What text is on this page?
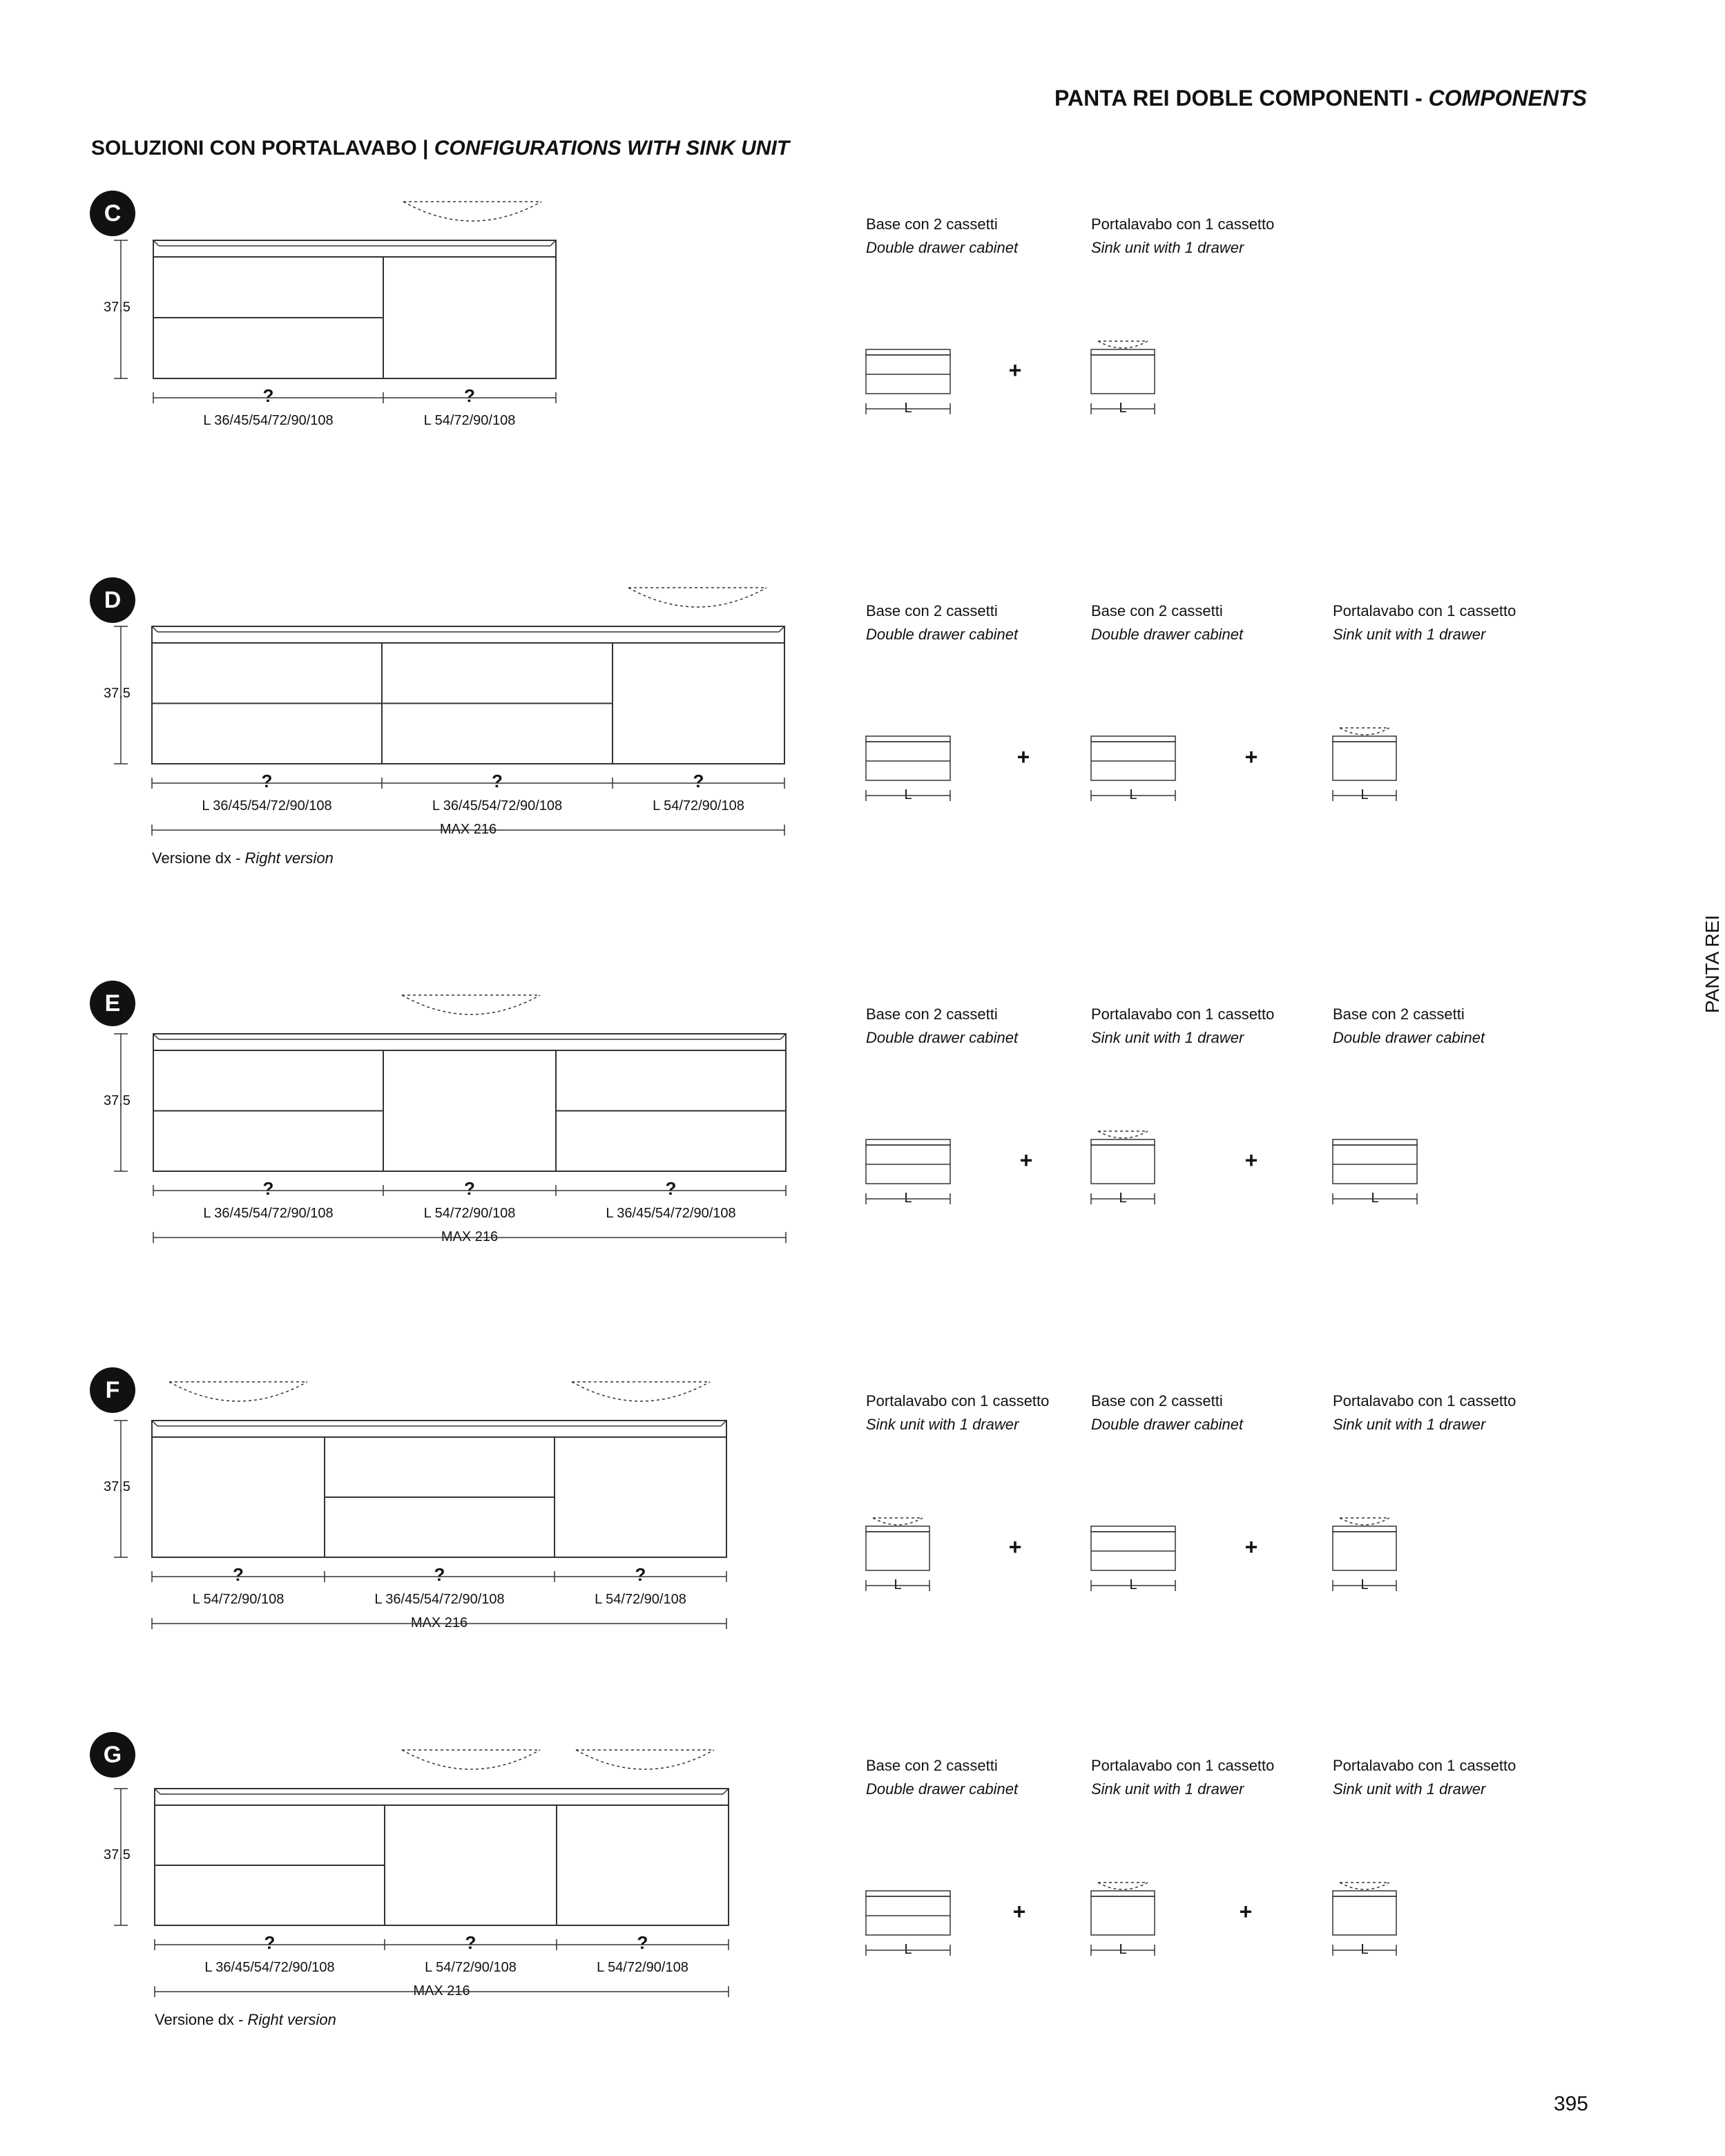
PANTA REI DOBLE COMPONENTI - COMPONENTS
SOLUZIONI CON PORTALAVABO | CONFIGURATIONS WITH SINK UNIT
PANTA REI
395
37,5
?
L 36/45/54/72/90/108
?
L 54/72/90/108
Base con 2 cassetti
Double drawer cabinet
L
Portalavabo con 1 cassetto
Sink unit with 1 drawer
L
+
37,5
?
L 36/45/54/72/90/108
?
L 36/45/54/72/90/108
?
L 54/72/90/108
MAX 216
Versione dx - Right version
Base con 2 cassetti
Double drawer cabinet
L
Base con 2 cassetti
Double drawer cabinet
L
Portalavabo con 1 cassetto
Sink unit with 1 drawer
L
+	+
37,5
?
L 36/45/54/72/90/108
?
L 54/72/90/108
?
L 36/45/54/72/90/108
MAX 216
Base con 2 cassetti
Double drawer cabinet
L
Portalavabo con 1 cassetto
Sink unit with 1 drawer
L
Base con 2 cassetti
Double drawer cabinet
L
+	+
37,5
?
L 54/72/90/108
?
L 36/45/54/72/90/108
?
L 54/72/90/108
MAX 216
Portalavabo con 1 cassetto
Sink unit with 1 drawer
L
Base con 2 cassetti
Double drawer cabinet
L
Portalavabo con 1 cassetto
Sink unit with 1 drawer
L
+	+
37,5
?
L 36/45/54/72/90/108
?
L 54/72/90/108
?
L 54/72/90/108
MAX 216
Versione dx - Right version
Base con 2 cassetti
Double drawer cabinet
L
Portalavabo con 1 cassetto
Sink unit with 1 drawer
L
Portalavabo con 1 cassetto
Sink unit with 1 drawer
L
+	+
C
D
E
F
G
